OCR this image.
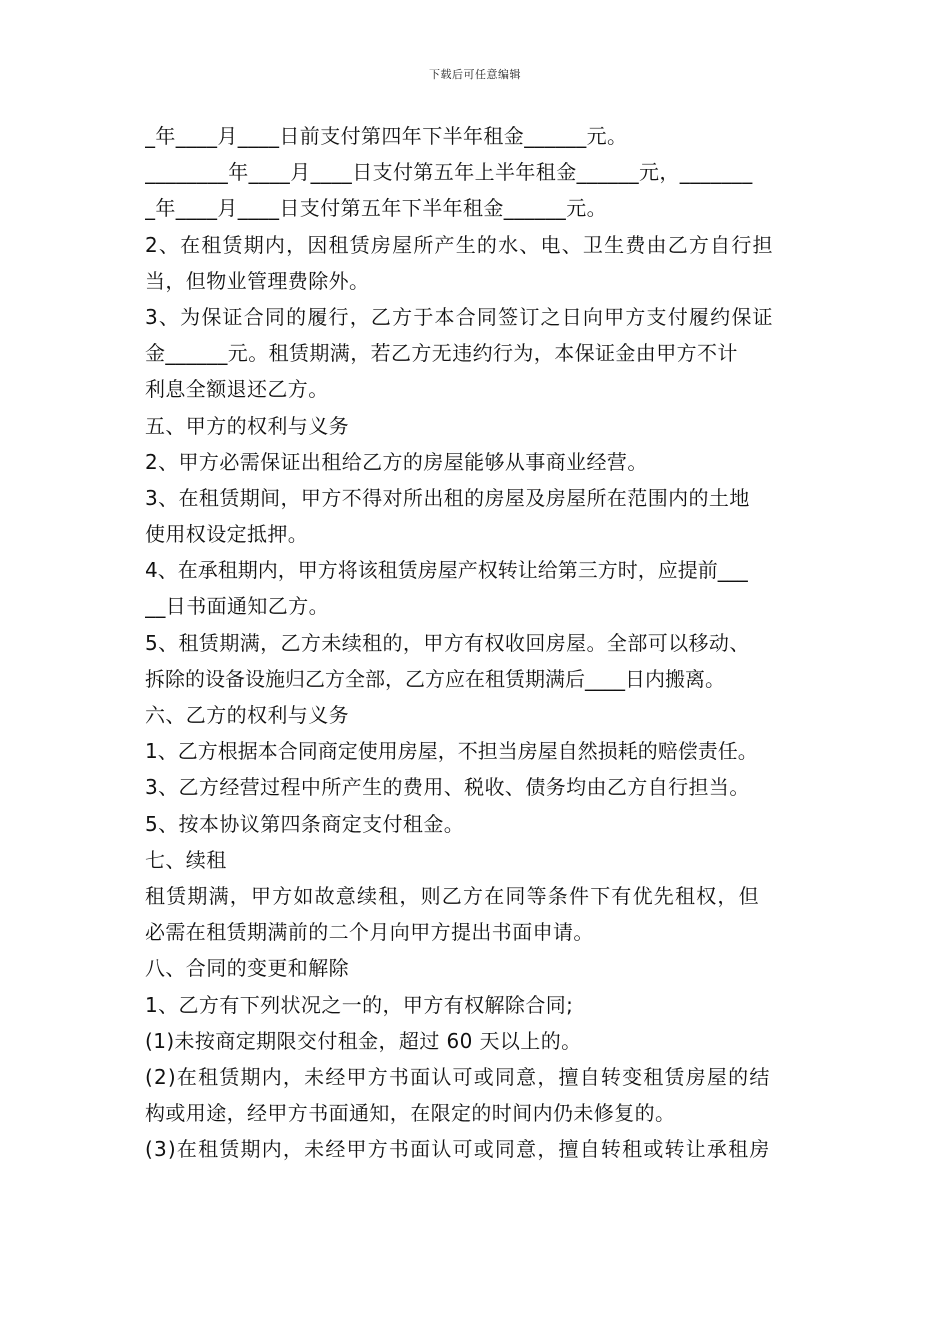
下载后可任意编辑
_年____月____日前支付第四年下半年租金______元。
________年____月____日支付第五年上半年租金______元，_______
_年____月____日支付第五年下半年租金______元。
2、在租赁期内，因租赁房屋所产生的水、电、卫生费由乙方自行担
当，但物业管理费除外。
3、为保证合同的履行，乙方于本合同签订之日向甲方支付履约保证
金______元。租赁期满，若乙方无违约行为，本保证金由甲方不计
利息全额退还乙方。
五、甲方的权利与义务
2、甲方必需保证出租给乙方的房屋能够从事商业经营。
3、在租赁期间，甲方不得对所出租的房屋及房屋所在范围内的土地
使用权设定抵押。
4、在承租期内，甲方将该租赁房屋产权转让给第三方时，应提前___
__日书面通知乙方。
5、租赁期满，乙方未续租的，甲方有权收回房屋。全部可以移动、
拆除的设备设施归乙方全部，乙方应在租赁期满后____日内搬离。
六、乙方的权利与义务
1、乙方根据本合同商定使用房屋，不担当房屋自然损耗的赔偿责任。
3、乙方经营过程中所产生的费用、税收、债务均由乙方自行担当。
5、按本协议第四条商定支付租金。
七、续租
租赁期满，甲方如故意续租，则乙方在同等条件下有优先租权，但
必需在租赁期满前的二个月向甲方提出书面申请。
八、合同的变更和解除
1、乙方有下列状况之一的，甲方有权解除合同;
(1)未按商定期限交付租金，超过 60 天以上的。
(2)在租赁期内，未经甲方书面认可或同意，擅自转变租赁房屋的结
构或用途，经甲方书面通知，在限定的时间内仍未修复的。
(3)在租赁期内，未经甲方书面认可或同意，擅自转租或转让承租房
